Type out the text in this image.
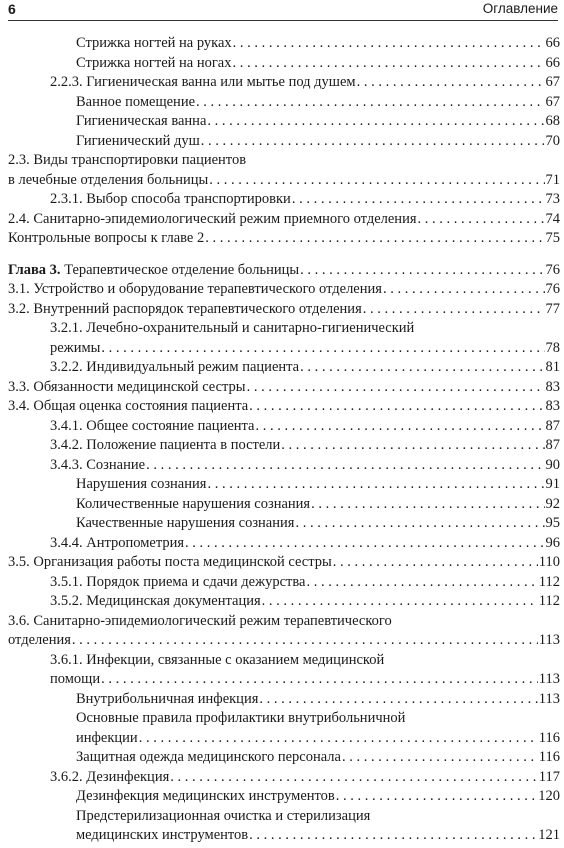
6	Оглавление
Стрижка ногтей на руках . . .	66
Стрижка ногтей на ногах . . .	66
2.2.3. Гигиеническая ванна или мытье под душем . . .	67
Ванное помещение . . .	67
Гигиеническая ванна . . .	68
Гигиенический душ . . .	70
2.3. Виды транспортировки пациентов
в лечебные отделения больницы . . .	71
2.3.1. Выбор способа транспортировки . . .	73
2.4. Санитарно-эпидемиологический режим приемного отделения . . .	74
Контрольные вопросы к главе 2 . . .	75
Глава 3. Терапевтическое отделение больницы . . .	76
3.1. Устройство и оборудование терапевтического отделения . . .	76
3.2. Внутренний распорядок терапевтического отделения . . .	77
3.2.1. Лечебно-охранительный и санитарно-гигиенический
режимы . . .	78
3.2.2. Индивидуальный режим пациента . . .	81
3.3. Обязанности медицинской сестры . . .	83
3.4. Общая оценка состояния пациента . . .	83
3.4.1. Общее состояние пациента . . .	87
3.4.2. Положение пациента в постели . . .	87
3.4.3. Сознание . . .	90
Нарушения сознания . . .	91
Количественные нарушения сознания . . .	92
Качественные нарушения сознания . . .	95
3.4.4. Антропометрия . . .	96
3.5. Организация работы поста медицинской сестры . . .	110
3.5.1. Порядок приема и сдачи дежурства . . .	112
3.5.2. Медицинская документация . . .	112
3.6. Санитарно-эпидемиологический режим терапевтического
отделения . . .	113
3.6.1. Инфекции, связанные с оказанием медицинской
помощи . . .	113
Внутрибольничная инфекция . . .	113
Основные правила профилактики внутрибольничной
инфекции . . .	116
Защитная одежда медицинского персонала . . .	116
3.6.2. Дезинфекция . . .	117
Дезинфекция медицинских инструментов . . .	120
Предстерилизационная очистка и стерилизация
медицинских инструментов . . .	121
